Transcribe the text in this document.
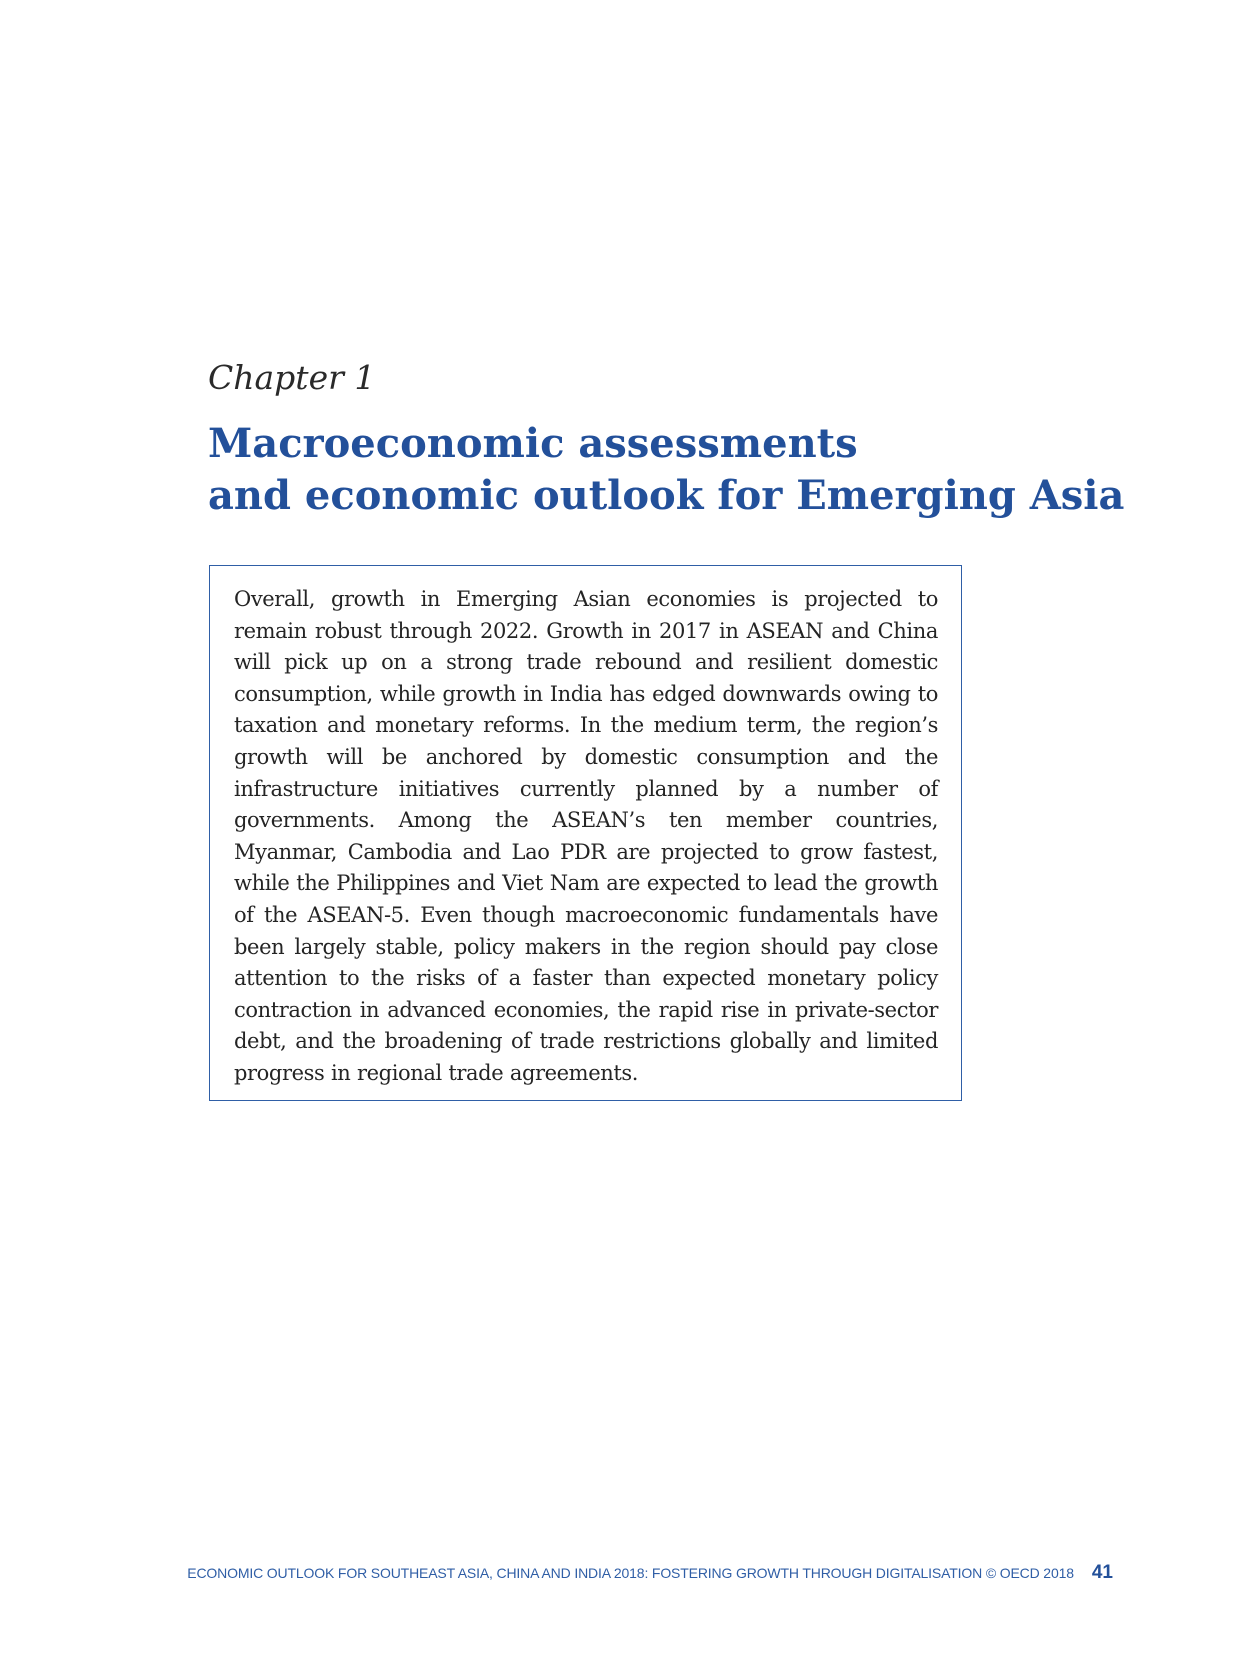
Chapter 1
Macroeconomic assessments
and economic outlook for Emerging Asia

Overall, growth in Emerging Asian economies is projected to remain robust through 2022. Growth in 2017 in ASEAN and China will pick up on a strong trade rebound and resilient domestic consumption, while growth in India has edged downwards owing to taxation and monetary reforms. In the medium term, the region’s growth will be anchored by domestic consumption and the infrastructure initiatives currently planned by a number of governments. Among the ASEAN’s ten member countries, Myanmar, Cambodia and Lao PDR are projected to grow fastest, while the Philippines and Viet Nam are expected to lead the growth of the ASEAN-5. Even though macroeconomic fundamentals have been largely stable, policy makers in the region should pay close attention to the risks of a faster than expected monetary policy contraction in advanced economies, the rapid rise in private-sector debt, and the broadening of trade restrictions globally and limited progress in regional trade agreements.

ECONOMIC OUTLOOK FOR SOUTHEAST ASIA, CHINA AND INDIA 2018: FOSTERING GROWTH THROUGH DIGITALISATION © OECD 2018 41
